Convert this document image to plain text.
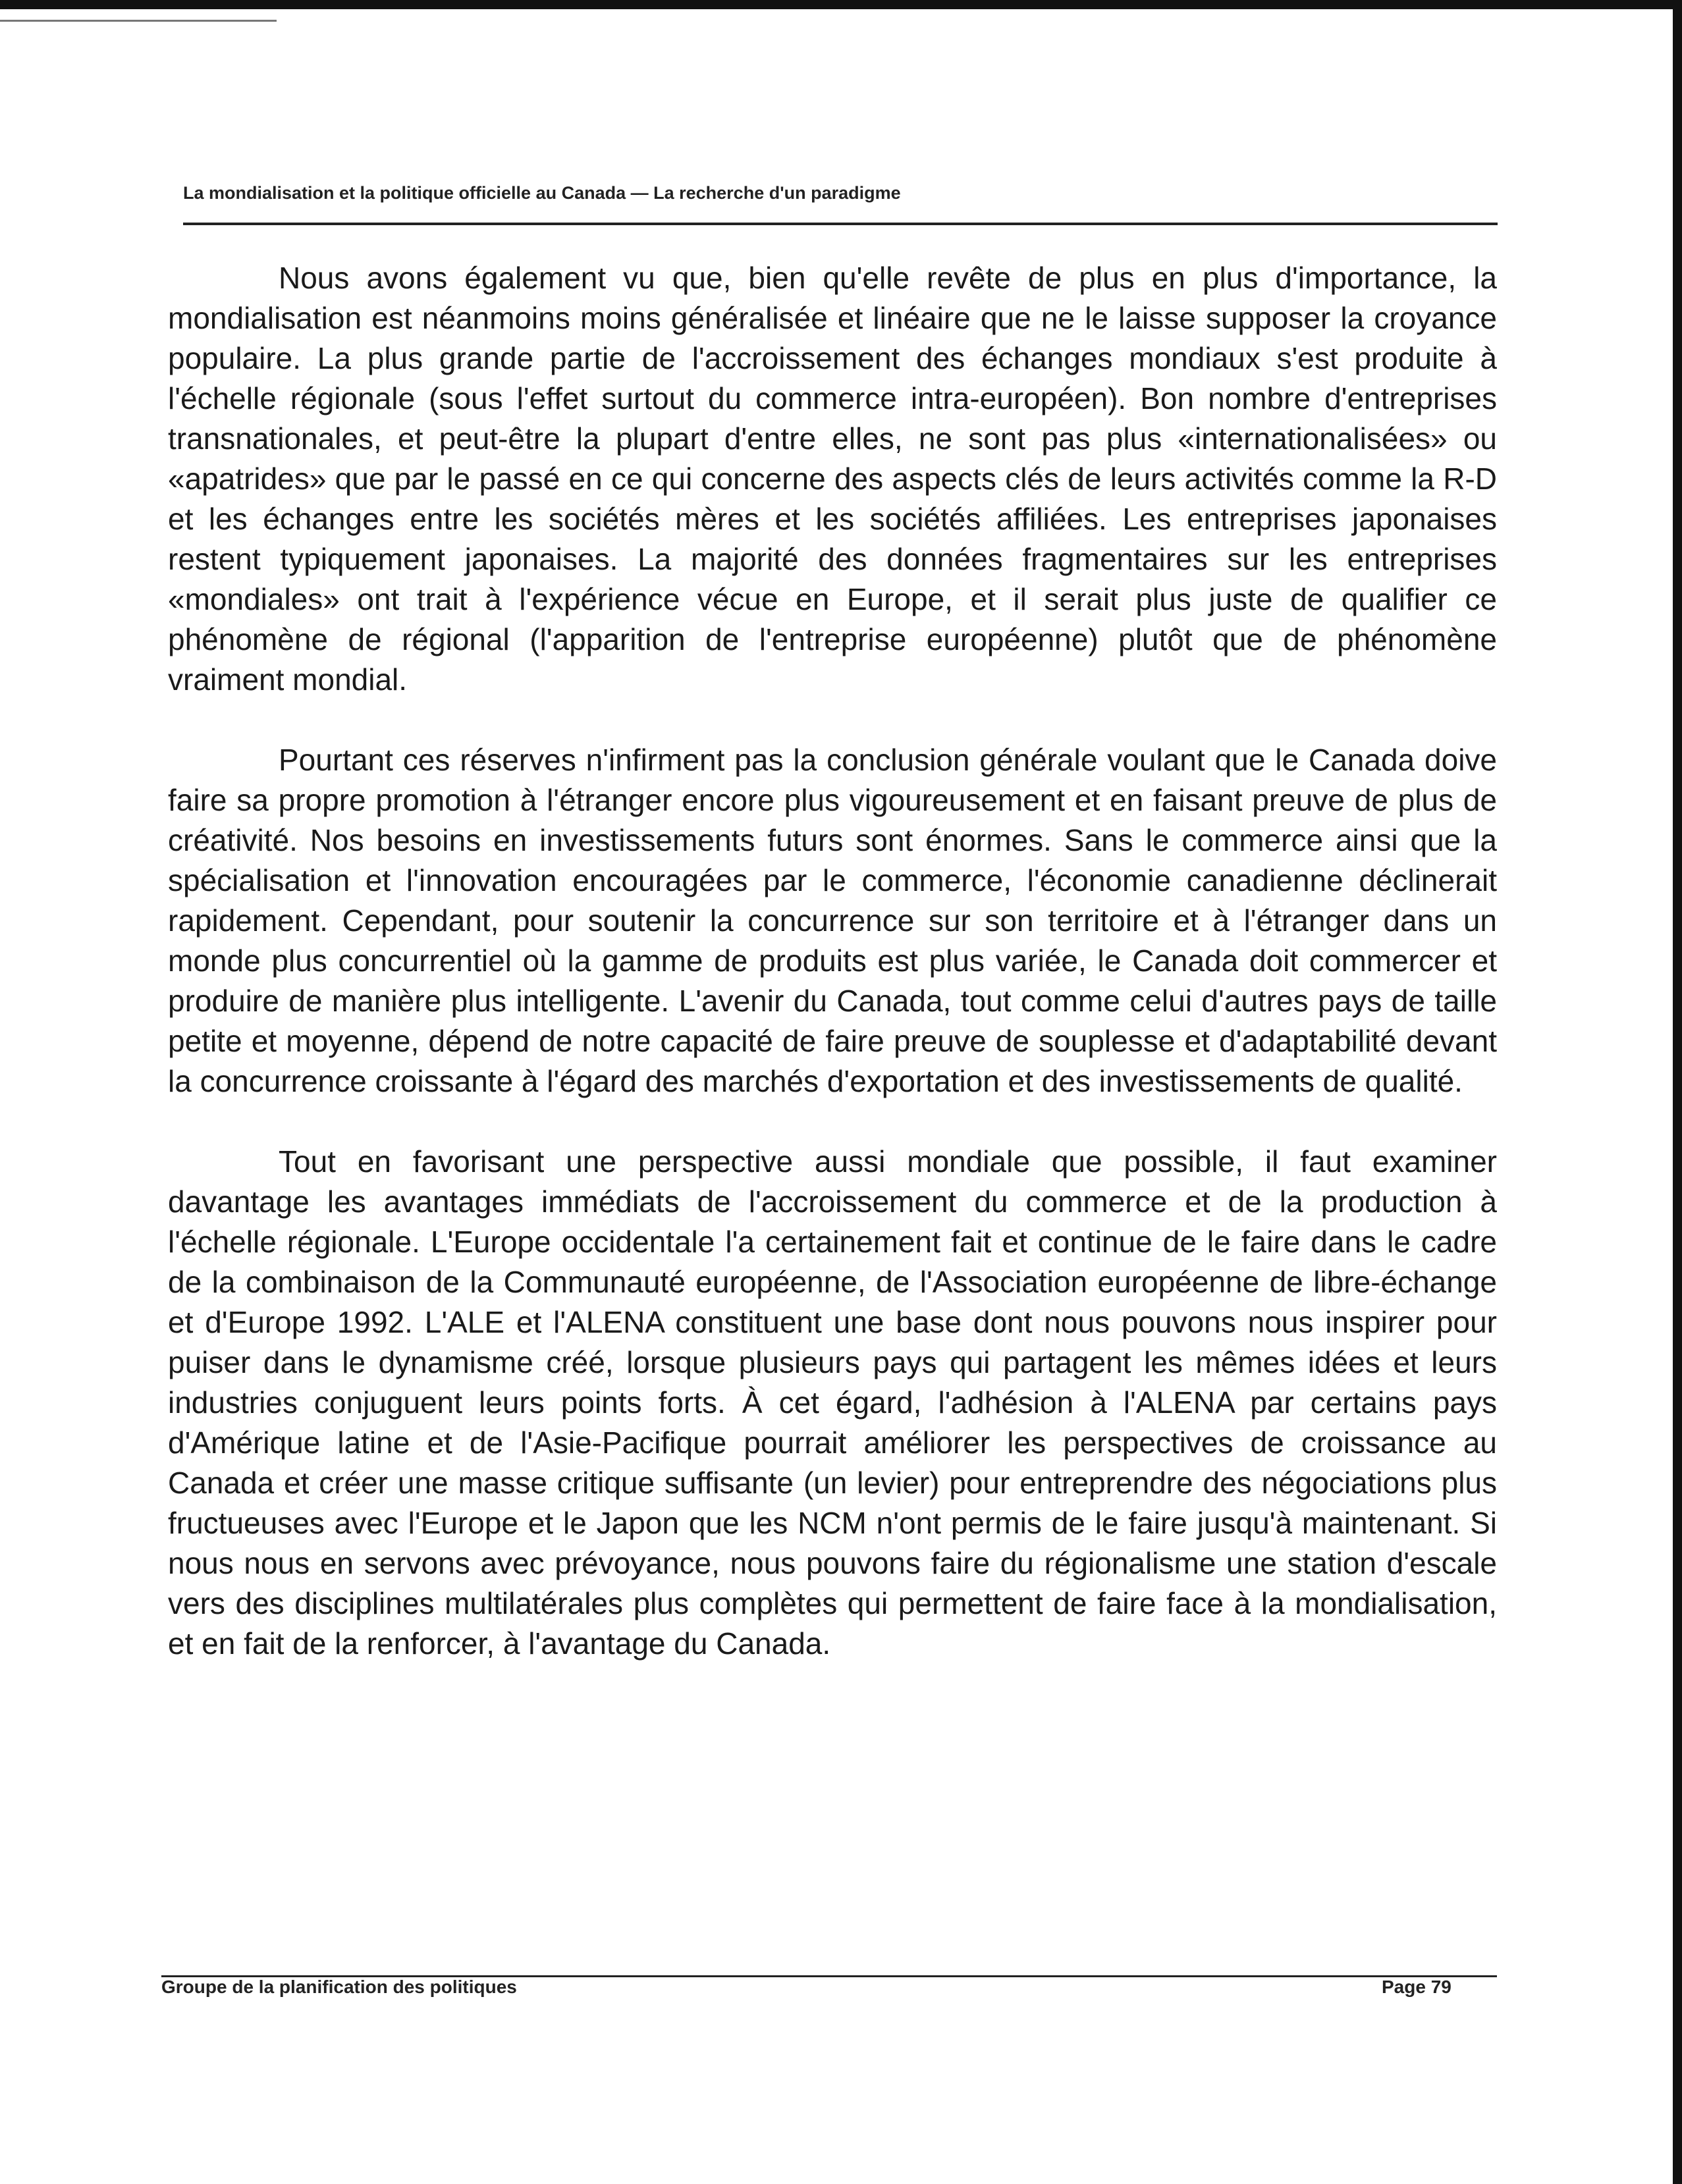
La mondialisation et la politique officielle au Canada — La recherche d'un paradigme

Nous avons également vu que, bien qu'elle revête de plus en plus d'importance, la mondialisation est néanmoins moins généralisée et linéaire que ne le laisse supposer la croyance populaire. La plus grande partie de l'accroissement des échanges mondiaux s'est produite à l'échelle régionale (sous l'effet surtout du commerce intra-européen). Bon nombre d'entreprises transnationales, et peut-être la plupart d'entre elles, ne sont pas plus «internationalisées» ou «apatrides» que par le passé en ce qui concerne des aspects clés de leurs activités comme la R-D et les échanges entre les sociétés mères et les sociétés affiliées. Les entreprises japonaises restent typiquement japonaises. La majorité des données fragmentaires sur les entreprises «mondiales» ont trait à l'expérience vécue en Europe, et il serait plus juste de qualifier ce phénomène de régional (l'apparition de l'entreprise européenne) plutôt que de phénomène vraiment mondial.

Pourtant ces réserves n'infirment pas la conclusion générale voulant que le Canada doive faire sa propre promotion à l'étranger encore plus vigoureusement et en faisant preuve de plus de créativité. Nos besoins en investissements futurs sont énormes. Sans le commerce ainsi que la spécialisation et l'innovation encouragées par le commerce, l'économie canadienne déclinerait rapidement. Cependant, pour soutenir la concurrence sur son territoire et à l'étranger dans un monde plus concurrentiel où la gamme de produits est plus variée, le Canada doit commercer et produire de manière plus intelligente. L'avenir du Canada, tout comme celui d'autres pays de taille petite et moyenne, dépend de notre capacité de faire preuve de souplesse et d'adaptabilité devant la concurrence croissante à l'égard des marchés d'exportation et des investissements de qualité.

Tout en favorisant une perspective aussi mondiale que possible, il faut examiner davantage les avantages immédiats de l'accroissement du commerce et de la production à l'échelle régionale. L'Europe occidentale l'a certainement fait et continue de le faire dans le cadre de la combinaison de la Communauté européenne, de l'Association européenne de libre-échange et d'Europe 1992. L'ALE et l'ALENA constituent une base dont nous pouvons nous inspirer pour puiser dans le dynamisme créé, lorsque plusieurs pays qui partagent les mêmes idées et leurs industries conjuguent leurs points forts. À cet égard, l'adhésion à l'ALENA par certains pays d'Amérique latine et de l'Asie-Pacifique pourrait améliorer les perspectives de croissance au Canada et créer une masse critique suffisante (un levier) pour entreprendre des négociations plus fructueuses avec l'Europe et le Japon que les NCM n'ont permis de le faire jusqu'à maintenant. Si nous nous en servons avec prévoyance, nous pouvons faire du régionalisme une station d'escale vers des disciplines multilatérales plus complètes qui permettent de faire face à la mondialisation, et en fait de la renforcer, à l'avantage du Canada.

Groupe de la planification des politiques	Page 79
